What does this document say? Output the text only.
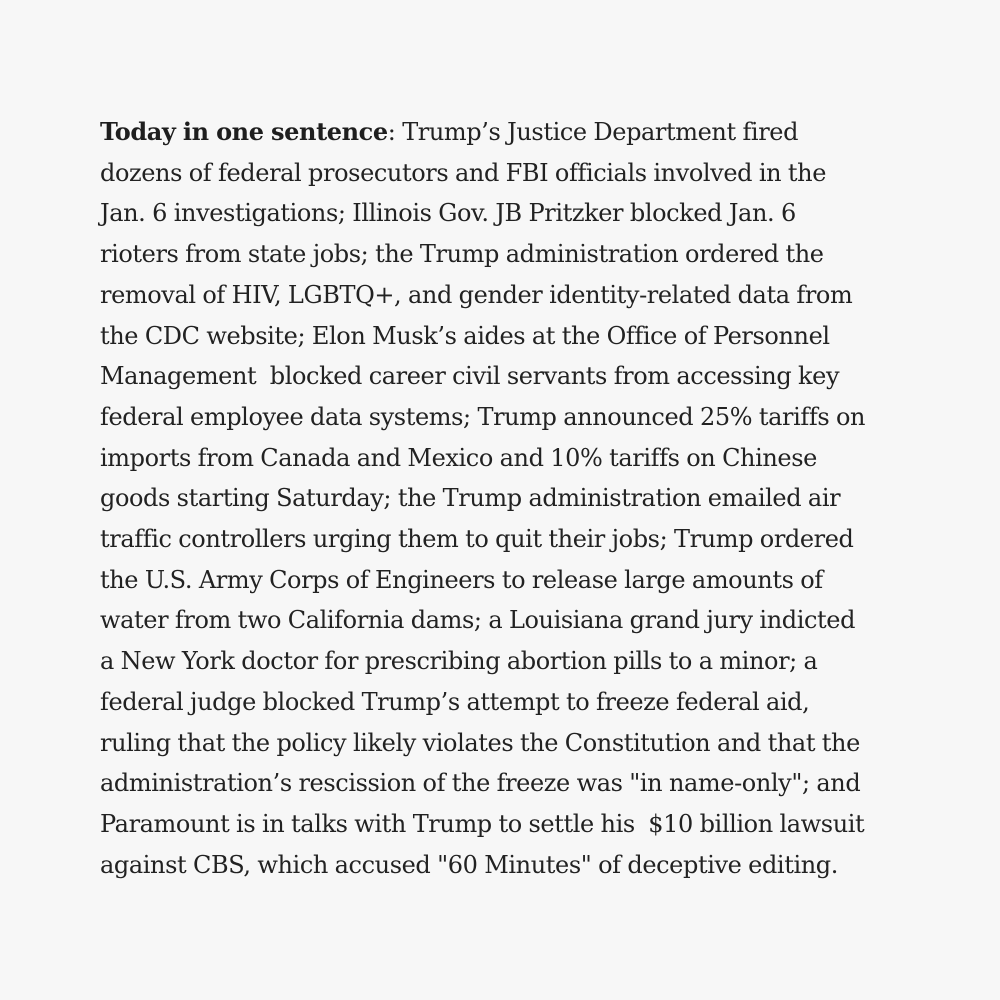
Today in one sentence: Trump’s Justice Department fired
dozens of federal prosecutors and FBI officials involved in the
Jan. 6 investigations; Illinois Gov. JB Pritzker blocked Jan. 6
rioters from state jobs; the Trump administration ordered the
removal of HIV, LGBTQ+, and gender identity-related data from
the CDC website; Elon Musk’s aides at the Office of Personnel
Management  blocked career civil servants from accessing key
federal employee data systems; Trump announced 25% tariffs on
imports from Canada and Mexico and 10% tariffs on Chinese
goods starting Saturday; the Trump administration emailed air
traffic controllers urging them to quit their jobs; Trump ordered
the U.S. Army Corps of Engineers to release large amounts of
water from two California dams; a Louisiana grand jury indicted
a New York doctor for prescribing abortion pills to a minor; a
federal judge blocked Trump’s attempt to freeze federal aid,
ruling that the policy likely violates the Constitution and that the
administration’s rescission of the freeze was "in name-only"; and
Paramount is in talks with Trump to settle his  $10 billion lawsuit
against CBS, which accused "60 Minutes" of deceptive editing.
